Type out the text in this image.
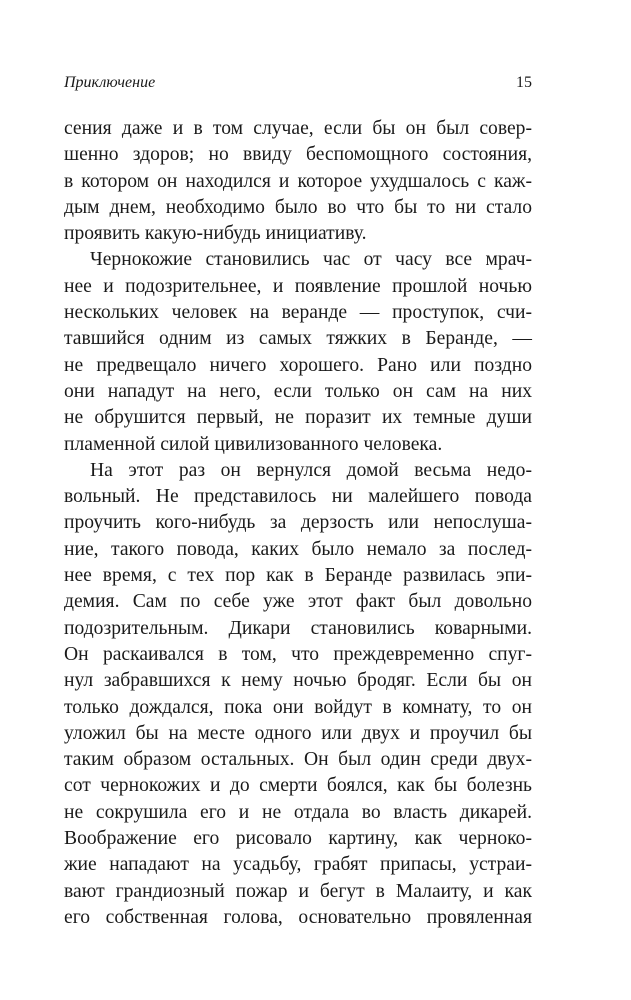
Приключение	15
сения даже и в том случае, если бы он был совер-
шенно здоров; но ввиду беспомощного состояния,
в котором он находился и которое ухудшалось с каж-
дым днем, необходимо было во что бы то ни стало
проявить какую-нибудь инициативу.
Чернокожие становились час от часу все мрач-
нее и подозрительнее, и появление прошлой ночью
нескольких человек на веранде — проступок, счи-
тавшийся одним из самых тяжких в Беранде, —
не предвещало ничего хорошего. Рано или поздно
они нападут на него, если только он сам на них
не обрушится первый, не поразит их темные души
пламенной силой цивилизованного человека.
На этот раз он вернулся домой весьма недо-
вольный. Не представилось ни малейшего повода
проучить кого-нибудь за дерзость или непослуша-
ние, такого повода, каких было немало за послед-
нее время, с тех пор как в Беранде развилась эпи-
демия. Сам по себе уже этот факт был довольно
подозрительным. Дикари становились коварными.
Он раскаивался в том, что преждевременно спуг-
нул забравшихся к нему ночью бродяг. Если бы он
только дождался, пока они войдут в комнату, то он
уложил бы на месте одного или двух и проучил бы
таким образом остальных. Он был один среди двух-
сот чернокожих и до смерти боялся, как бы болезнь
не сокрушила его и не отдала во власть дикарей.
Воображение его рисовало картину, как черноко-
жие нападают на усадьбу, грабят припасы, устраи-
вают грандиозный пожар и бегут в Малаиту, и как
его собственная голова, основательно провяленная
